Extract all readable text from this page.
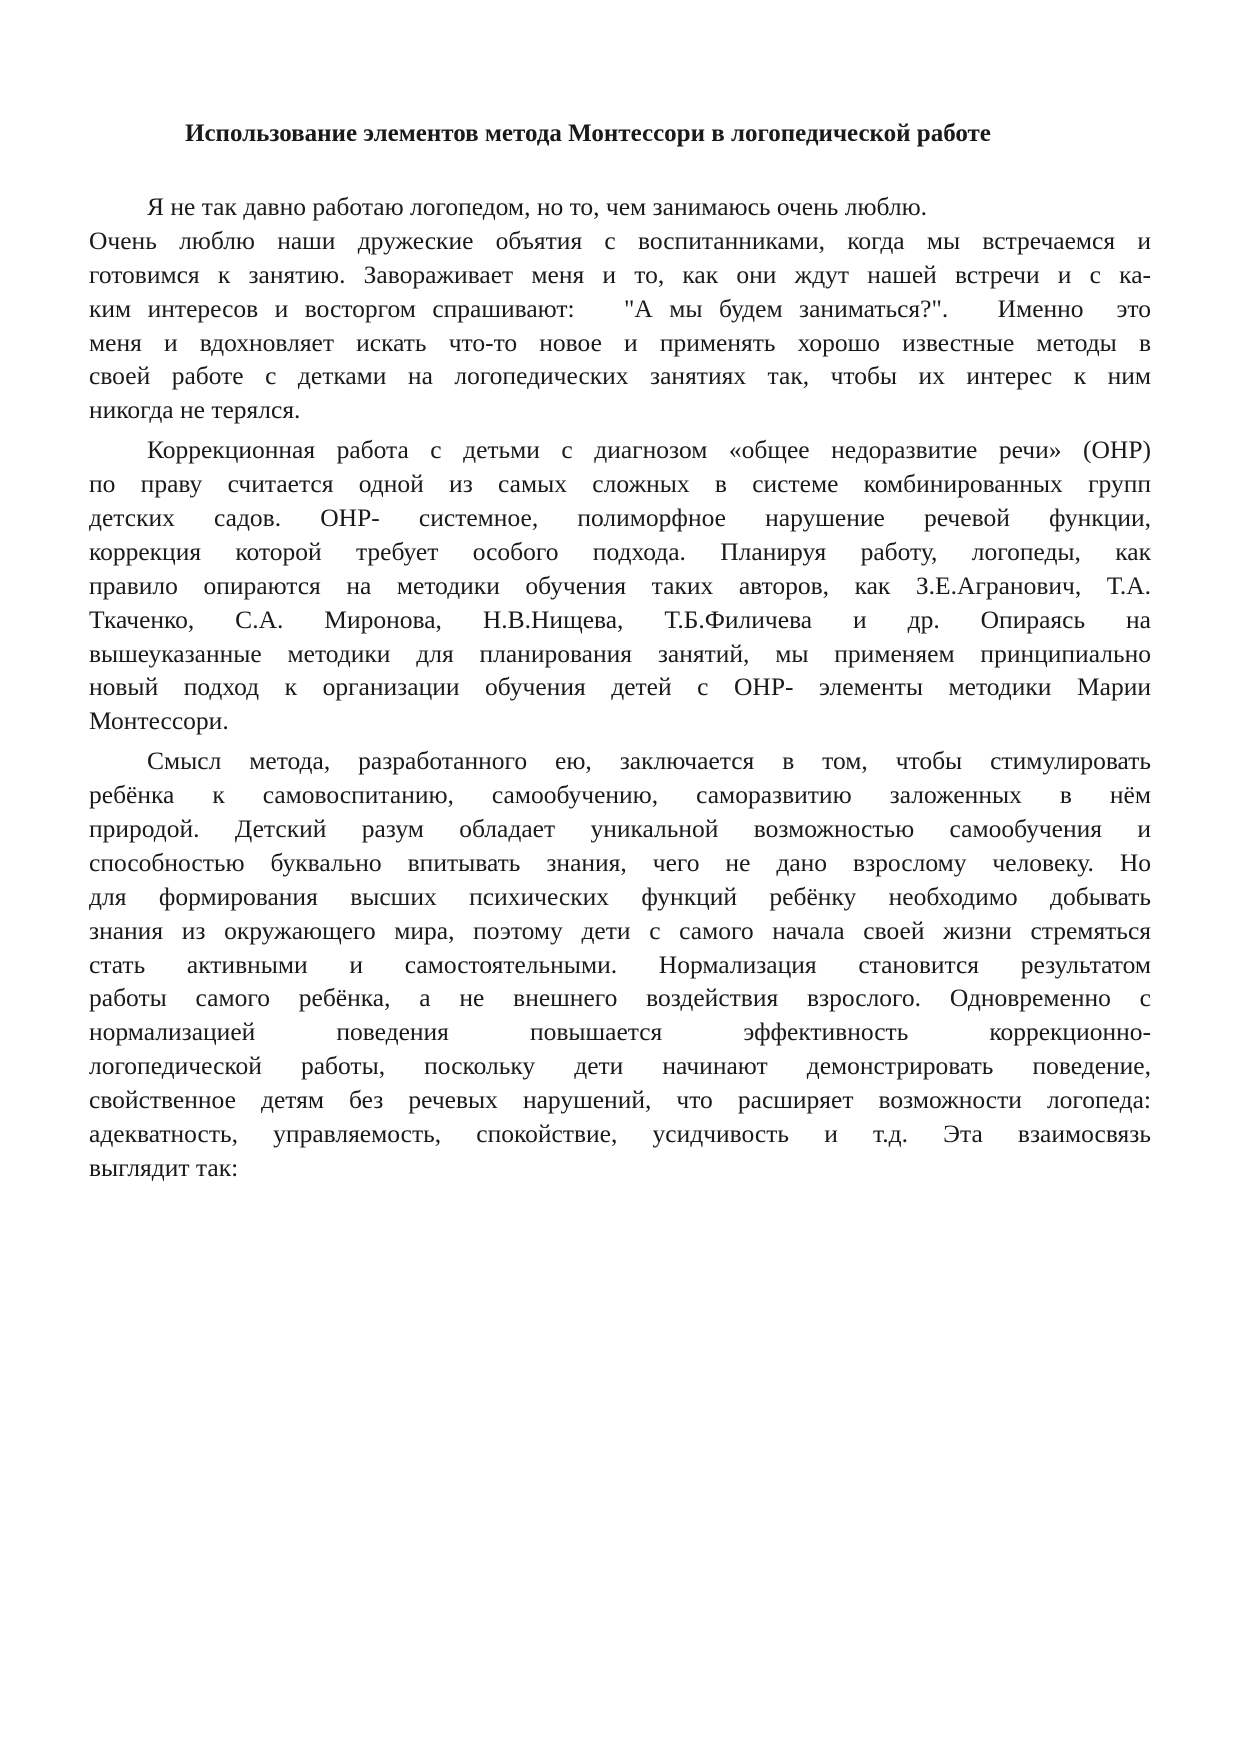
Использование элементов метода Монтессори в логопедической работе
Я не так давно работаю логопедом, но то, чем занимаюсь очень люблю.
Очень люблю наши дружеские объятия с воспитанниками, когда мы встречаемся и
готовимся к занятию. Завораживает меня и то, как они ждут нашей встречи и с ка-
ким интересов и восторгом спрашивают:   "А мы будем заниматься?".   Именно  это
меня и вдохновляет искать что-то новое и применять хорошо известные методы в
своей работе с детками на логопедических занятиях так, чтобы их интерес к ним
никогда не терялся.
Коррекционная работа с детьми с диагнозом «общее недоразвитие речи» (ОНР)
по праву считается одной из самых сложных в системе комбинированных групп
детских садов. ОНР- системное, полиморфное нарушение речевой функции,
коррекция которой требует особого подхода. Планируя работу, логопеды, как
правило опираются на методики обучения таких авторов, как З.Е.Агранович, Т.А.
Ткаченко, С.А. Миронова, Н.В.Нищева, Т.Б.Филичева и др. Опираясь на
вышеуказанные методики для планирования занятий, мы применяем принципиально
новый подход к организации обучения детей с ОНР- элементы методики Марии
Монтессори.
Смысл метода, разработанного ею, заключается в том, чтобы стимулировать
ребёнка к самовоспитанию, самообучению, саморазвитию заложенных в нём
природой. Детский разум обладает уникальной возможностью самообучения и
способностью буквально впитывать знания, чего не дано взрослому человеку. Но
для формирования высших психических функций ребёнку необходимо добывать
знания из окружающего мира, поэтому дети с самого начала своей жизни стремяться
стать активными и самостоятельными. Нормализация становится результатом
работы самого ребёнка, а не внешнего воздействия взрослого. Одновременно с
нормализацией поведения повышается эффективность коррекционно-
логопедической работы, поскольку дети начинают демонстрировать поведение,
свойственное детям без речевых нарушений, что расширяет возможности логопеда:
адекватность, управляемость, спокойствие, усидчивость и т.д. Эта взаимосвязь
выглядит так:
